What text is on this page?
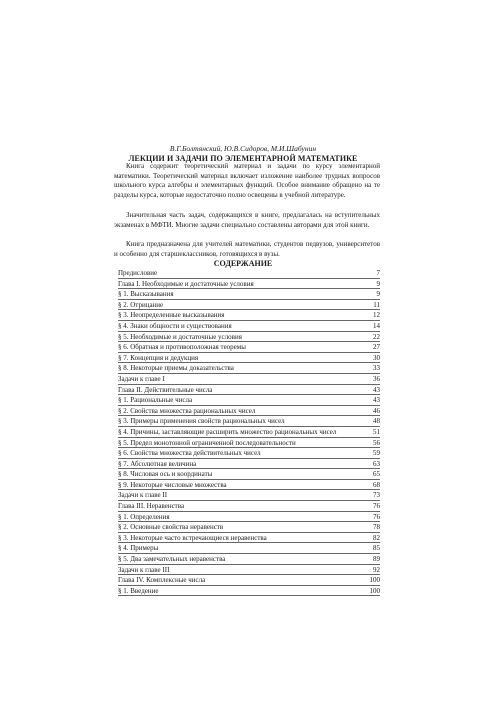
В.Г.Болтянский, Ю.В.Сидоров, М.И.Шабунин
ЛЕКЦИИ И ЗАДАЧИ ПО ЭЛЕМЕНТАРНОЙ МАТЕМАТИКЕ

Книга содержит теоретический материал и задачи по курсу элементарной математики. Теоретический материал включает изложение наиболее трудных вопросов школьного курса алгебры и элементарных функций. Особое внимание обращено на те разделы курса, которые недостаточно полно освещены в учебной литературе.

Значительная часть задач, содержащихся в книге, предлагалась на вступительных экзаменах в МФТИ. Многие задачи специально составлены авторами для этой книги.

Книга предназначена для учителей математики, студентов педвузов, университетов и особенно для старшеклассников, готовящихся в вузы.

СОДЕРЖАНИЕ
Предисловие	7
Глава I. Необходимые и достаточные условия	9
§ 1. Высказывания	9
§ 2. Отрицание	11
§ 3. Неопределенные высказывания	12
§ 4. Знаки общности и существования	14
§ 5. Необходимые и достаточные условия	22
§ 6. Обратная и противоположная теоремы	27
§ 7. Концепция и дедукция	30
§ 8. Некоторые приемы доказательства	33
Задачи к главе I	36
Глава II. Действительные числа	43
§ 1. Рациональные числа	43
§ 2. Свойства множества рациональных чисел	46
§ 3. Примеры применения свойств рациональных чисел	48
§ 4. Причины, заставляющие расширить множество рациональных чисел	51
§ 5. Предел монотонной ограниченной последовательности	56
§ 6. Свойства множества действительных чисел	59
§ 7. Абсолютная величина	63
§ 8. Числовая ось и координаты	65
§ 9. Некоторые числовые множества	68
Задачи к главе II	73
Глава III. Неравенства	76
§ 1. Определения	76
§ 2. Основные свойства неравенств	78
§ 3. Некоторые часто встречающиеся неравенства	82
§ 4. Примеры	85
§ 5. Два замечательных неравенства	89
Задачи к главе III	92
Глава IV. Комплексные числа	100
§ 1. Введение	100
